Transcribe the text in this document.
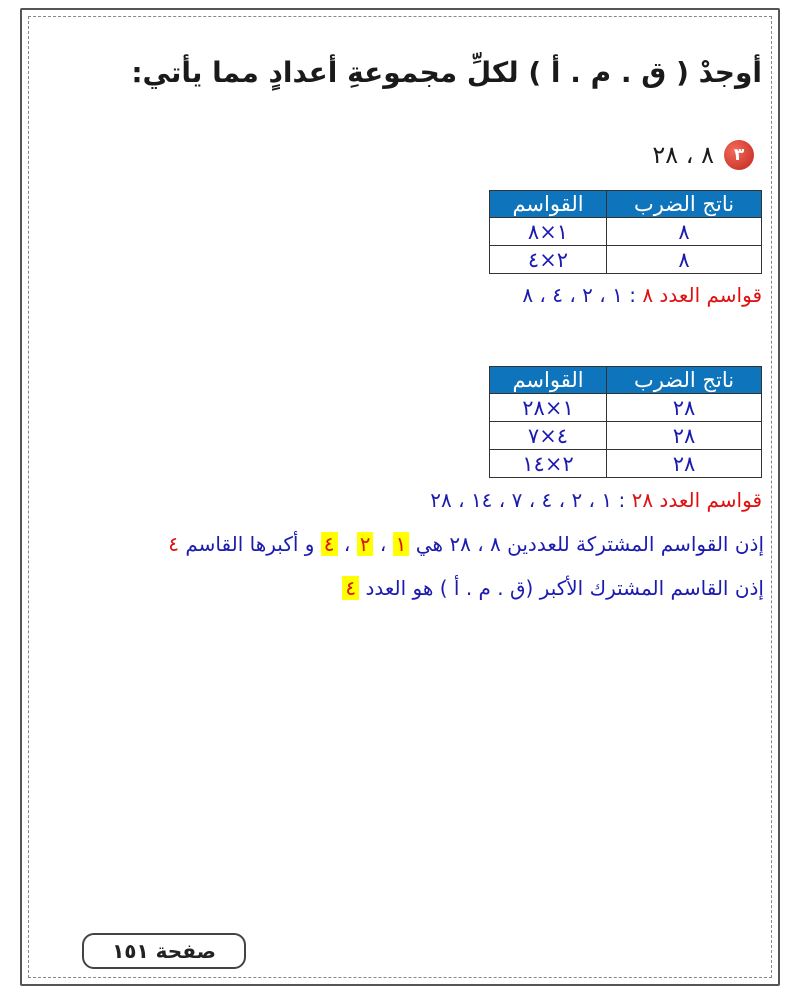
أوجدْ ( ق . م . أ ) لكلِّ مجموعةِ أعدادٍ مما يأتي:
٣
٨ ، ٢٨
ناتج الضرب	القواسم
٨	١×٨
٨	٢×٤
قواسم العدد ٨ : ١ ، ٢ ، ٤ ، ٨
ناتج الضرب	القواسم
٢٨	١×٢٨
٢٨	٤×٧
٢٨	٢×١٤
قواسم العدد ٢٨ : ١ ، ٢ ، ٤ ، ٧ ، ١٤ ، ٢٨
إذن القواسم المشتركة للعددين ٨ ، ٢٨ هي ١ ، ٢ ، ٤ و أكبرها القاسم ٤
إذن القاسم المشترك الأكبر (ق . م . أ ) هو العدد ٤
صفحة ١٥١
